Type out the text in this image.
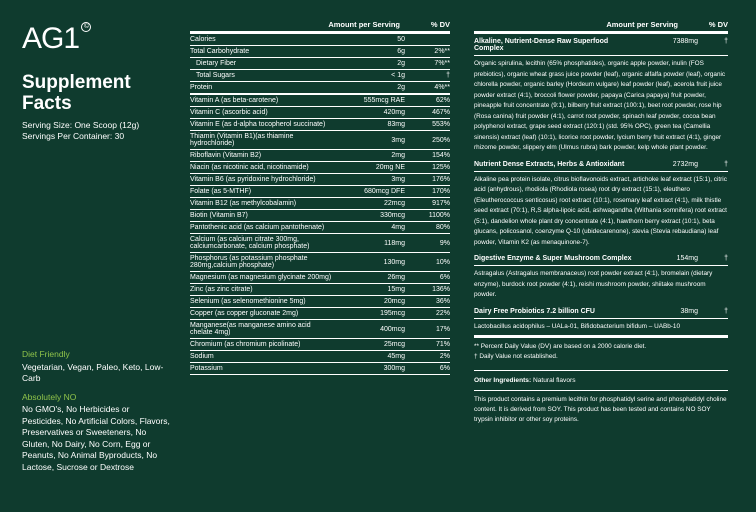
AG1 ©
Supplement Facts
Serving Size: One Scoop (12g)
Servings Per Container: 30
Diet Friendly
Vegetarian, Vegan, Paleo, Keto, Low-Carb
Absolutely NO
No GMO's, No Herbicides or Pesticides, No Artificial Colors, Flavors, Preservatives or Sweeteners, No Gluten, No Dairy, No Corn, Egg or Peanuts, No Animal Byproducts, No Lactose, Sucrose or Dextrose
Amount per Serving	% DV
Calories	50
Total Carbohydrate	6g	2%**
Dietary Fiber	2g	7%**
Total Sugars	< 1g	†
Protein	2g	4%**
Vitamin A (as beta-carotene)	555mcg RAE	62%
Vitamin C (ascorbic acid)	420mg	467%
Vitamin E (as d-alpha tocopherol succinate)	83mg	553%
Thiamin (Vitamin B1)(as thiamine hydrochloride)	3mg	250%
Riboflavin (Vitamin B2)	2mg	154%
Niacin (as nicotinic acid, nicotinamide)	20mg NE	125%
Vitamin B6 (as pyridoxine hydrochloride)	3mg	176%
Folate (as 5-MTHF)	680mcg DFE	170%
Vitamin B12 (as methylcobalamin)	22mcg	917%
Biotin (Vitamin B7)	330mcg	1100%
Pantothenic acid (as calcium pantothenate)	4mg	80%
Calcium (as calcium citrate 300mg, calciumcarbonate, calcium phosphate)	118mg	9%
Phosphorus (as potassium phosphate 280mg,calcium phosphate)	130mg	10%
Magnesium (as magnesium glycinate 200mg)	26mg	6%
Zinc (as zinc citrate)	15mg	136%
Selenium (as selenomethionine 5mg)	20mcg	36%
Copper (as copper gluconate 2mg)	195mcg	22%
Manganese(as manganese amino acid chelate 4mg)	400mcg	17%
Chromium (as chromium picolinate)	25mcg	71%
Sodium	45mg	2%
Potassium	300mg	6%
Amount per Serving	% DV
Alkaline, Nutrient-Dense Raw Superfood Complex
7388mg	†
Organic spirulina, lecithin (65% phosphatides), organic apple powder, inulin (FOS prebiotics), organic wheat grass juice powder (leaf), organic alfalfa powder (leaf), organic chlorella powder, organic barley (Hordeum vulgare) leaf powder (leaf), acerola fruit juice powder extract (4:1), broccoli flower powder, papaya (Carica papaya) fruit powder, pineapple fruit concentrate (9:1), bilberry fruit extract (100:1), beet root powder, rose hip (Rosa canina) fruit powder (4:1), carrot root powder, spinach leaf powder, cocoa bean polyphenol extract, grape seed extract (120:1) (std. 95% OPC), green tea (Camellia sinensis) extract (leaf) (10:1), licorice root powder, lycium berry fruit extract (4:1), ginger rhizome powder, slippery elm (Ulmus rubra) bark powder, kelp whole plant powder.
Nutrient Dense Extracts, Herbs & Antioxidant	2732mg	†
Alkaline pea protein isolate, citrus bioflavonoids extract, artichoke leaf extract (15:1), citric acid (anhydrous), rhodiola (Rhodiola rosea) root dry extract (15:1), eleuthero (Eleutherococcus senticosus) root extract (10:1), rosemary leaf extract (4:1), milk thistle seed extract (70:1), R,S alpha-lipoic acid, ashwagandha (Withania somnifera) root extract (5:1), dandelion whole plant dry concentrate (4:1), hawthorn berry extract (10:1), beta glucans, policosanol, coenzyme Q-10 (ubidecarenone), stevia (Stevia rebaudiana) leaf powder, Vitamin K2 (as menaquinone-7).
Digestive Enzyme & Super Mushroom Complex	154mg	†
Astragalus (Astragalus membranaceus) root powder extract (4:1), bromelain (dietary enzyme), burdock root powder (4:1), reishi mushroom powder, shiitake mushroom powder.
Dairy Free Probiotics 7.2 billion CFU	38mg	†
Lactobacillus acidophilus – UALa-01, Bifidobacterium bifidum – UABb-10
** Percent Daily Value (DV) are based on a 2000 calorie diet.
† Daily Value not established.
Other Ingredients: Natural flavors
This product contains a premium lecithin for phosphatidyl serine and phosphatidyl choline content. It is derived from SOY. This product has been tested and contains NO SOY trypsin inhibitor or other soy proteins.
